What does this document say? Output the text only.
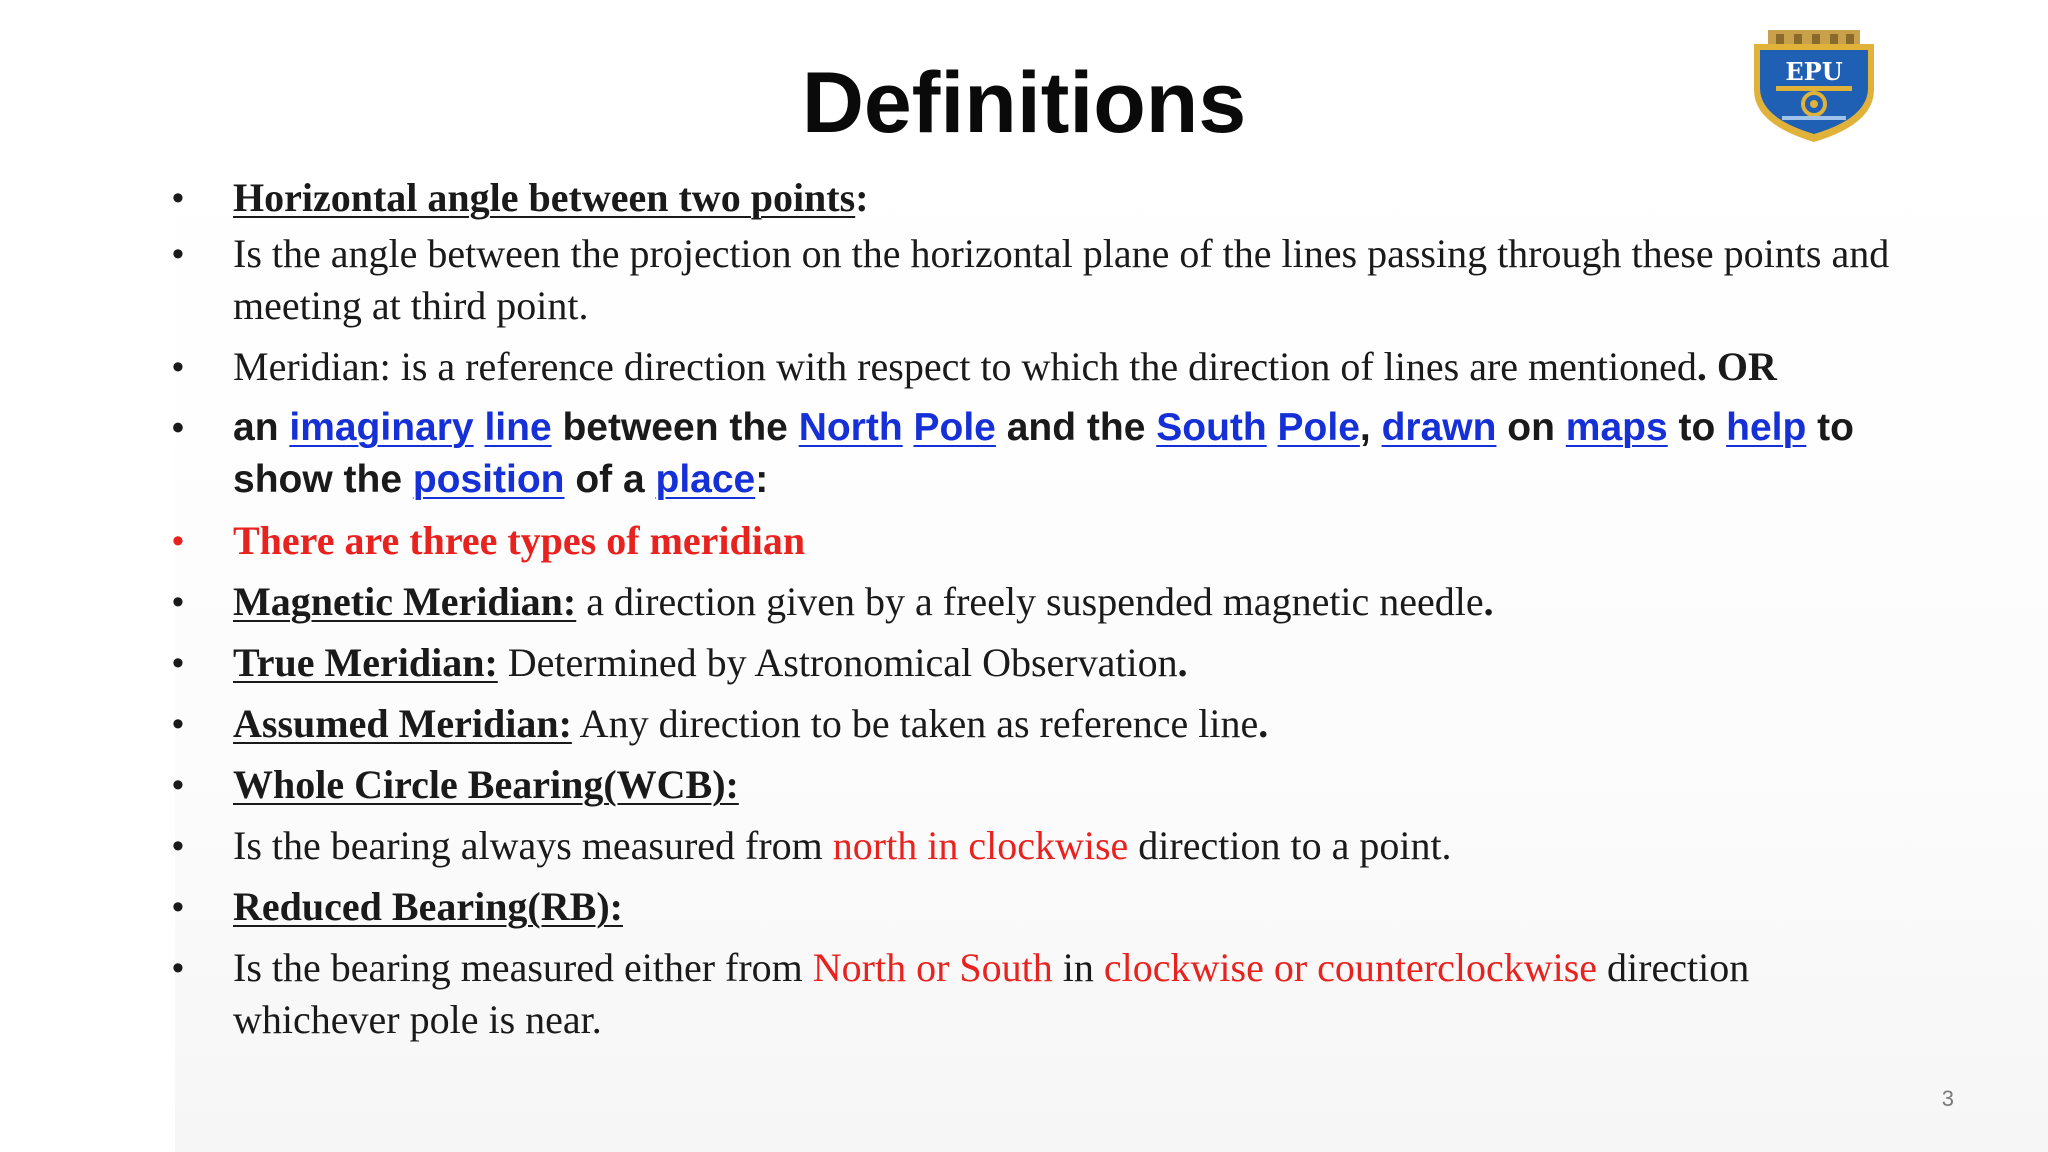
Definitions	EPU
• Horizontal angle between two points:
• Is the angle between the projection on the horizontal plane of the lines passing through these points and meeting at third point.
• Meridian: is a reference direction with respect to which the direction of lines are mentioned. OR
• an imaginary line between the North Pole and the South Pole, drawn on maps to help to show the position of a place:
• There are three types of meridian
• Magnetic Meridian: a direction given by a freely suspended magnetic needle.
• True Meridian: Determined by Astronomical Observation.
• Assumed Meridian: Any direction to be taken as reference line.
• Whole Circle Bearing(WCB):
• Is the bearing always measured from north in clockwise direction to a point.
• Reduced Bearing(RB):
• Is the bearing measured either from North or South in clockwise or counterclockwise direction whichever pole is near.
3
